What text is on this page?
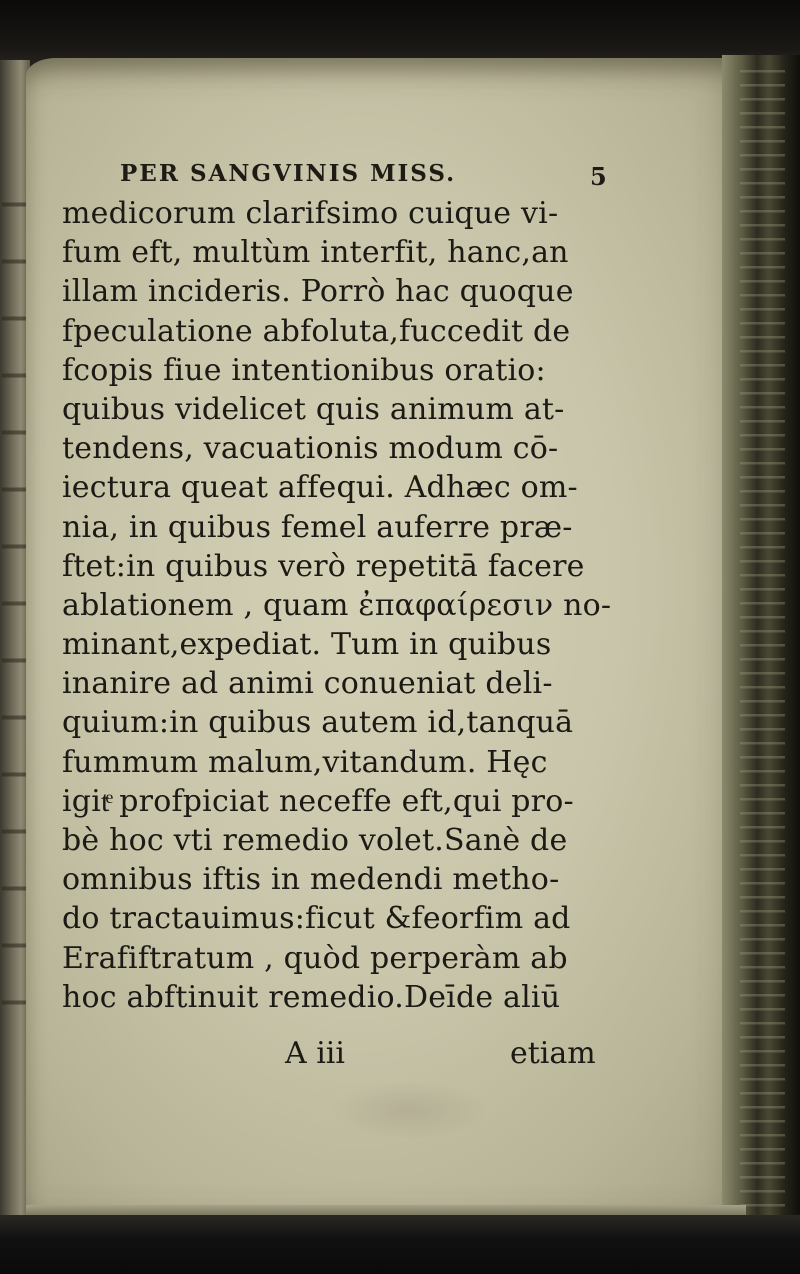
PER SANGVINIS MISS.	5
medicorum clarifsimo cuique vi-
fum eft, multùm interfit, hanc,an
illam incideris. Porrò hac quoque
fpeculatione abfoluta,fuccedit de
fcopis fiue intentionibus oratio:
quibus videlicet quis animum at-
tendens, vacuationis modum cō-
iectura queat affequi. Adhæc om-
nia, in quibus femel auferre præ-
ftet:in quibus verò repetitā facere
ablationem , quam ἐπαφαίρεσιν no-
minant,expediat. Tum in quibus
inanire ad animi conueniat deli-
quium:in quibus autem id,tanquā
fummum malum,vitandum. Hęc
igitͤ profpiciat neceffe eft,qui pro-
bè hoc vti remedio volet.Sanè de
omnibus iftis in medendi metho-
do tractauimus:ficut &feorfim ad
Erafiftratum , quòd perperàm ab
hoc abftinuit remedio.Deīde aliū
A iii	etiam
